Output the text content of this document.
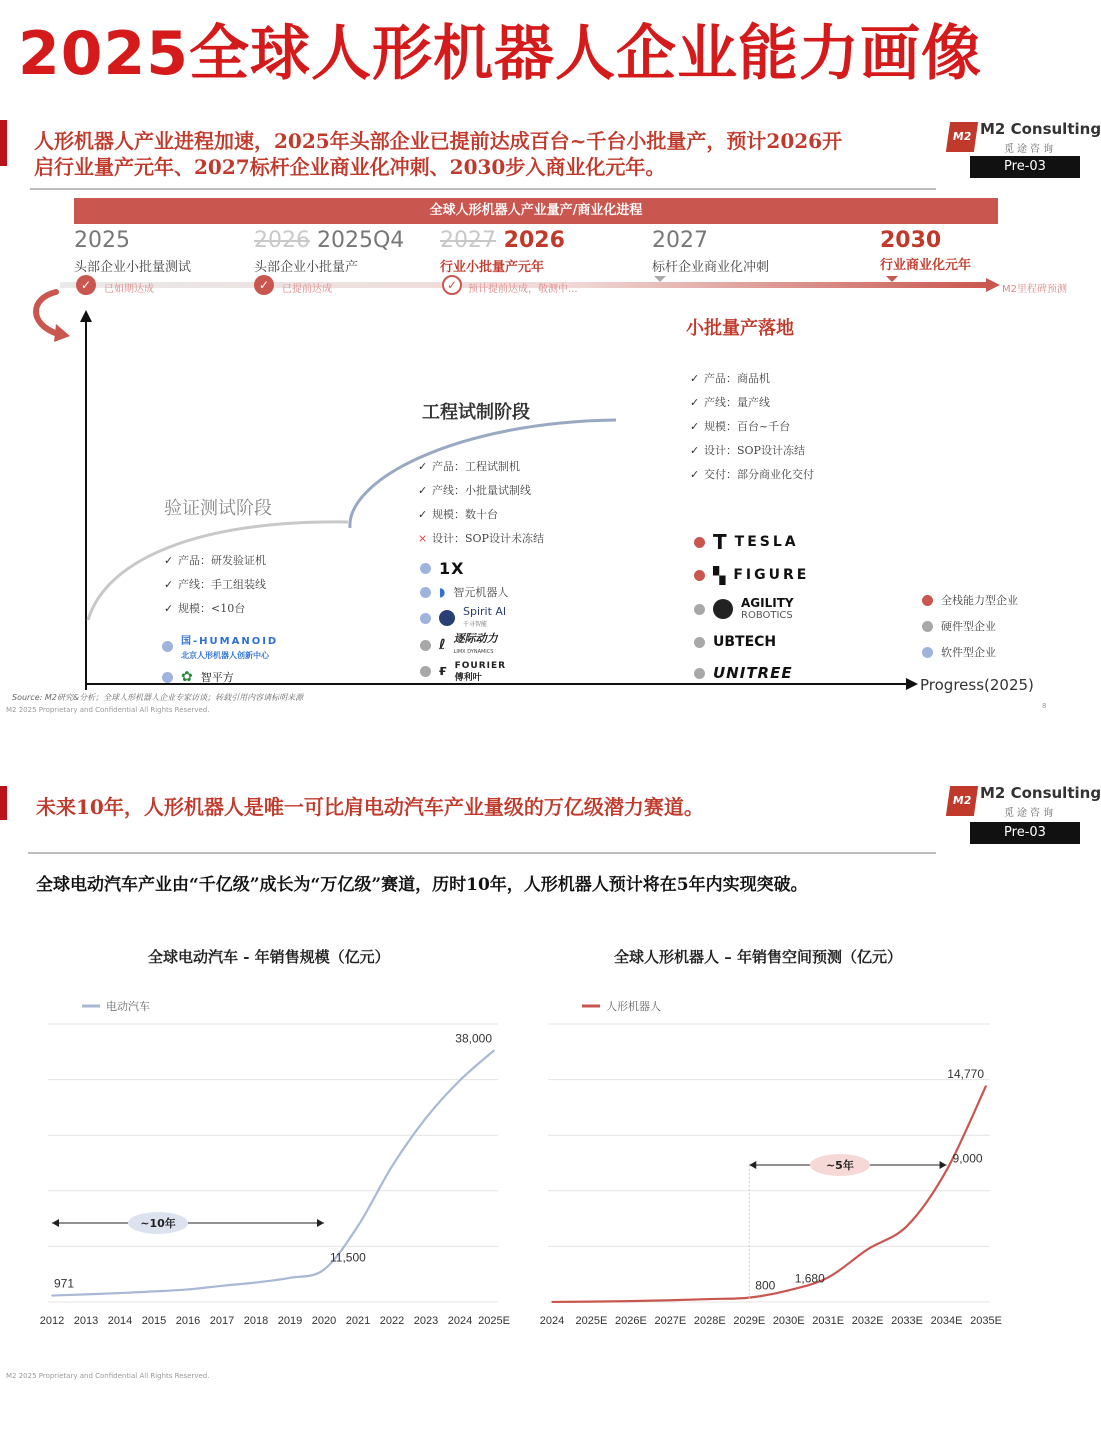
2025全球人形机器人企业能力画像
人形机器人产业进程加速，2025年头部企业已提前达成百台~千台小批量产，预计2026开
启行业量产元年、2027标杆企业商业化冲刺、2030步入商业化元年。
M2 M2 Consulting
觅途咨询
Pre-03
全球人形机器人产业量产/商业化进程
2025
头部企业小批量测试
2026 2025Q4
头部企业小批量产
2027 2026
行业小批量产元年
2027
标杆企业商业化冲刺
2030
行业商业化元年
✓	已如期达成	✓	已提前达成	✓	预计提前达成，敬测中...	M2里程碑预测
验证测试阶段
✓ 产品：研发验证机
✓ 产线：手工组装线
✓ 规模：<10台
国-HUMANOID
北京人形机器人创新中心
✿ 智平方
工程试制阶段
✓ 产品：工程试制机
✓ 产线：小批量试制线
✓ 规模：数十台
× 设计：SOP设计未冻结
1X
◗ 智元机器人
Spirit AI
千寻智能
ℓ 逐际动力
LIMX DYNAMICS
ғ FOURIER
傅利叶
小批量产落地
✓ 产品：商品机
✓ 产线：量产线
✓ 规模：百台~千台
✓ 设计：SOP设计冻结
✓ 交付：部分商业化交付
T TESLA
▚ FIGURE
AGILITY
ROBOTICS
UBTECH
UNITREE
全栈能力型企业
硬件型企业
软件型企业
Progress(2025)
Source: M2研究&分析；全球人形机器人企业专家访谈；转载引用内容请标明来源
M2 2025 Proprietary and Confidential All Rights Reserved.	8
未来10年，人形机器人是唯一可比肩电动汽车产业量级的万亿级潜力赛道。	M2 M2 Consulting
觅途咨询
Pre-03
全球电动汽车产业由“千亿级”成长为“万亿级”赛道，历时10年，人形机器人预计将在5年内实现突破。
全球电动汽车 - 年销售规模（亿元）	全球人形机器人 – 年销售空间预测（亿元）
电动汽车
2012 2013 2014 2015 2016 2017 2018 2019 2020 2021 2022 2023 2024 2025E
971
11,500
38,000
~10年
人形机器人
2024 2025E 2026E 2027E 2028E 2029E 2030E 2031E 2032E 2033E 2034E 2035E
800
1,680
9,000
14,770
~5年
M2 2025 Proprietary and Confidential All Rights Reserved.
